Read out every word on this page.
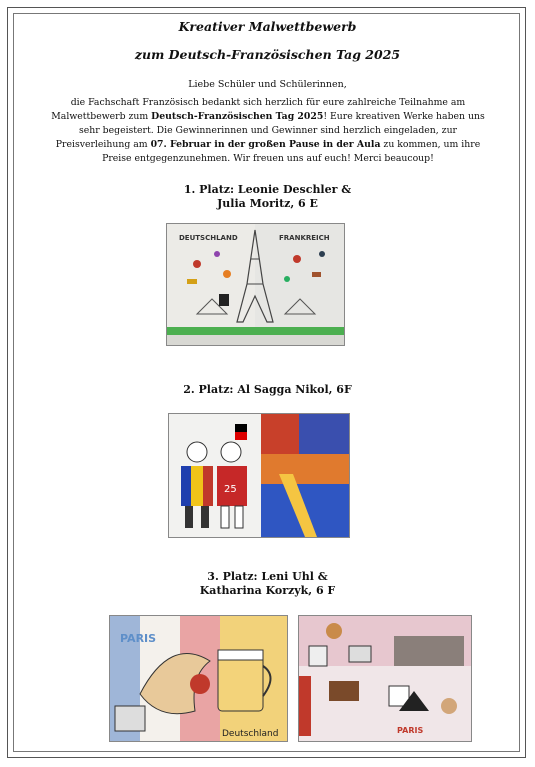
Kreativer Malwettbewerb
zum Deutsch-Französischen Tag 2025
Liebe Schüler und Schülerinnen,
die Fachschaft Französisch bedankt sich herzlich für eure zahlreiche Teilnahme am Malwettbewerb zum Deutsch-Französischen Tag 2025! Eure kreativen Werke haben uns sehr begeistert. Die Gewinnerinnen und Gewinner sind herzlich eingeladen, zur Preisverleihung am 07. Februar in der großen Pause in der Aula zu kommen, um ihre Preise entgegenzunehmen. Wir freuen uns auf euch! Merci beaucoup!
1. Platz: Leonie Deschler &
Julia Moritz, 6 E
DEUTSCHLAND	FRANKREICH
2. Platz: Al Sagga Nikol, 6F
25
3. Platz: Leni Uhl &
Katharina Korzyk, 6 F
PARIS
Deutschland	PARIS
